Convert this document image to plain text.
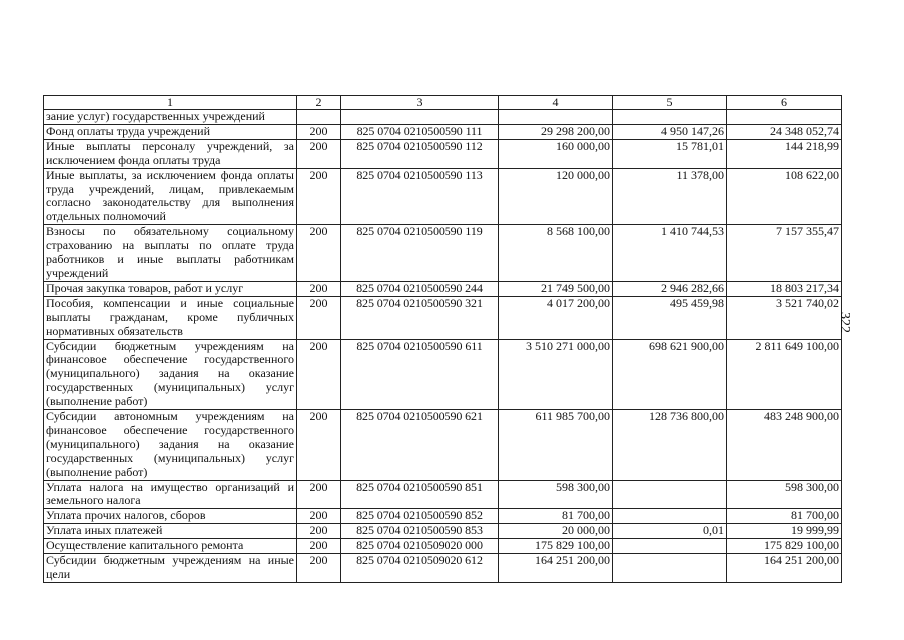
1	2	3	4	5	6
зание услуг) государственных учреждений					
Фонд оплаты труда учреждений	200	825 0704 0210500590 111	29 298 200,00	4 950 147,26	24 348 052,74
Иные выплаты персоналу учреждений, за исключением фонда оплаты труда	200	825 0704 0210500590 112	160 000,00	15 781,01	144 218,99
Иные выплаты, за исключением фонда оплаты труда учреждений, лицам, привлекаемым согласно законодательству для выполнения отдельных полномочий	200	825 0704 0210500590 113	120 000,00	11 378,00	108 622,00
Взносы по обязательному социальному страхованию на выплаты по оплате труда работников и иные выплаты работникам учреждений	200	825 0704 0210500590 119	8 568 100,00	1 410 744,53	7 157 355,47
Прочая закупка товаров, работ и услуг	200	825 0704 0210500590 244	21 749 500,00	2 946 282,66	18 803 217,34
Пособия, компенсации и иные социальные выплаты гражданам, кроме публичных нормативных обязательств	200	825 0704 0210500590 321	4 017 200,00	495 459,98	3 521 740,02
Субсидии бюджетным учреждениям на финансовое обеспечение государственного (муниципального) задания на оказание государственных (муниципальных) услуг (выполнение работ)	200	825 0704 0210500590 611	3 510 271 000,00	698 621 900,00	2 811 649 100,00
Субсидии автономным учреждениям на финансовое обеспечение государственного (муниципального) задания на оказание государственных (муниципальных) услуг (выполнение работ)	200	825 0704 0210500590 621	611 985 700,00	128 736 800,00	483 248 900,00
Уплата налога на имущество организаций и земельного налога	200	825 0704 0210500590 851	598 300,00		598 300,00
Уплата прочих налогов, сборов	200	825 0704 0210500590 852	81 700,00		81 700,00
Уплата иных платежей	200	825 0704 0210500590 853	20 000,00	0,01	19 999,99
Осуществление капитального ремонта	200	825 0704 0210509020 000	175 829 100,00		175 829 100,00
Субсидии бюджетным учреждениям на иные цели	200	825 0704 0210509020 612	164 251 200,00		164 251 200,00
322
